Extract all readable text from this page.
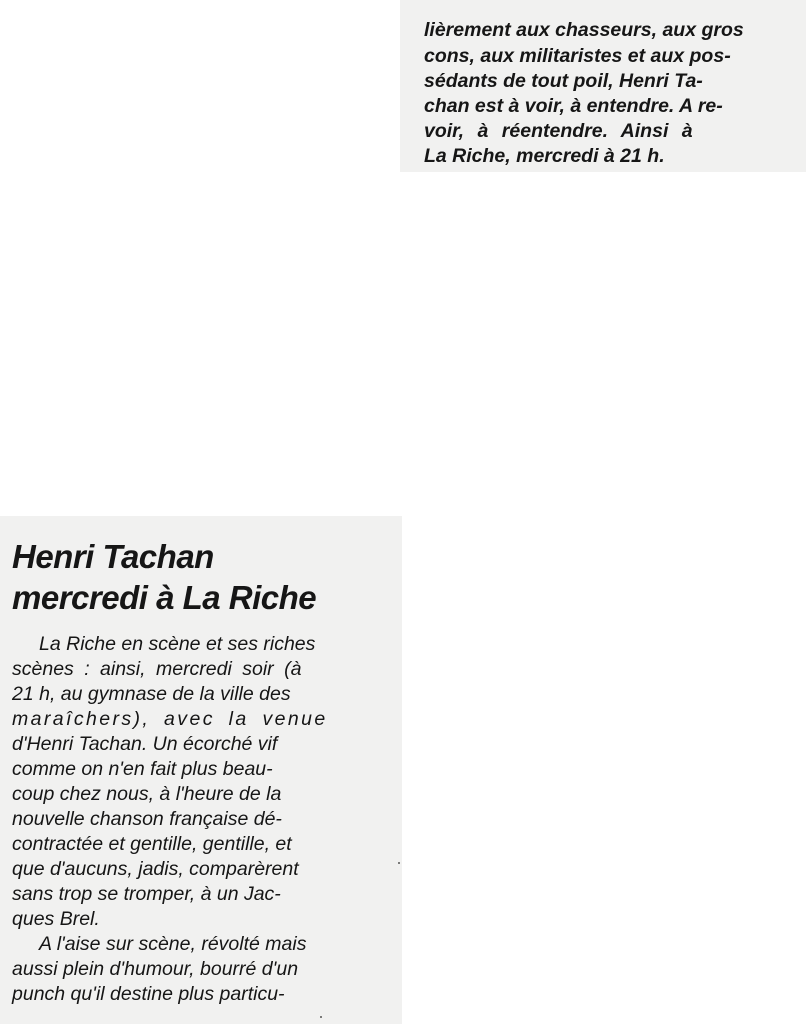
lièrement aux chasseurs, aux gros
cons, aux militaristes et aux pos-
sédants de tout poil, Henri Ta-
chan est à voir, à entendre. A re-
voir, à réentendre. Ainsi à
La Riche, mercredi à 21 h.
Henri Tachan
mercredi à La Riche
La Riche en scène et ses riches
scènes : ainsi, mercredi soir (à
21 h, au gymnase de la ville des
maraîchers), avec la venue
d'Henri Tachan. Un écorché vif
comme on n'en fait plus beau-
coup chez nous, à l'heure de la
nouvelle chanson française dé-
contractée et gentille, gentille, et
que d'aucuns, jadis, comparèrent
sans trop se tromper, à un Jac-
ques Brel.
A l'aise sur scène, révolté mais
aussi plein d'humour, bourré d'un
punch qu'il destine plus particu-
